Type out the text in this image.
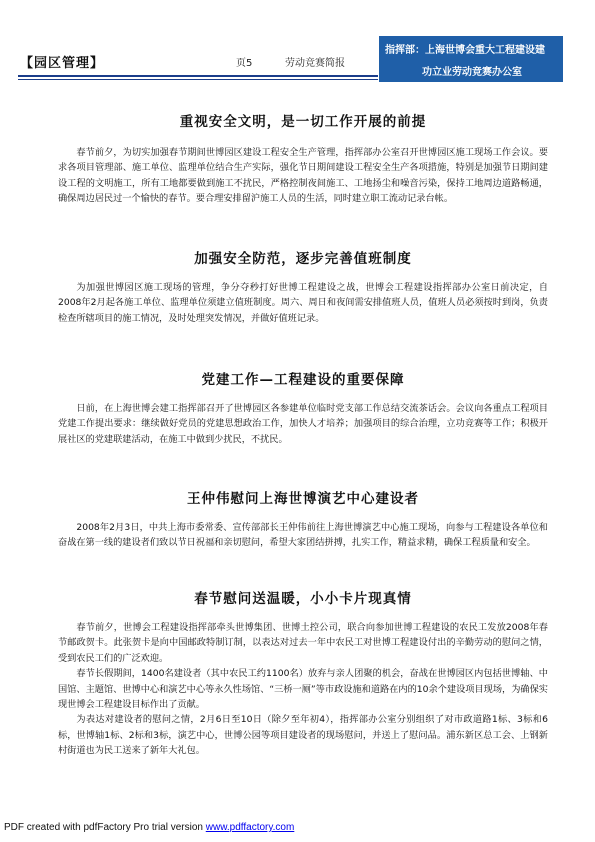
【园区管理】	页5	劳动竞赛简报
指挥部：上海世博会重大工程建设建
功立业劳动竞赛办公室
重视安全文明，是一切工作开展的前提

春节前夕，为切实加强春节期间世博园区建设工程安全生产管理，指挥部办公室召开世博园区施工现场工作会议。要求各项目管理部、施工单位、监理单位结合生产实际，强化节日期间建设工程安全生产各项措施，特别是加强节日期间建设工程的文明施工，所有工地都要做到施工不扰民，严格控制夜间施工、工地扬尘和噪音污染，保持工地周边道路畅通，确保周边居民过一个愉快的春节。要合理安排留沪施工人员的生活，同时建立职工流动记录台帐。

加强安全防范，逐步完善值班制度

为加强世博园区施工现场的管理，争分夺秒打好世博工程建设之战，世博会工程建设指挥部办公室日前决定，自2008年2月起各施工单位、监理单位须建立值班制度。周六、周日和夜间需安排值班人员，值班人员必须按时到岗，负责检查所辖项目的施工情况，及时处理突发情况，并做好值班记录。

党建工作—工程建设的重要保障

日前，在上海世博会建工指挥部召开了世博园区各参建单位临时党支部工作总结交流茶话会。会议向各重点工程项目党建工作提出要求：继续做好党员的党建思想政治工作，加快人才培养；加强项目的综合治理，立功竞赛等工作；积极开展社区的党建联建活动，在施工中做到少扰民，不扰民。

王仲伟慰问上海世博演艺中心建设者

2008年2月3日，中共上海市委常委、宣传部部长王仲伟前往上海世博演艺中心施工现场，向参与工程建设各单位和奋战在第一线的建设者们致以节日祝福和亲切慰问，希望大家团结拼搏，扎实工作，精益求精，确保工程质量和安全。

春节慰问送温暖，小小卡片现真情

春节前夕，世博会工程建设指挥部牵头世博集团、世博土控公司，联合向参加世博工程建设的农民工发放2008年春节邮政贺卡。此张贺卡是向中国邮政特制订制，以表达对过去一年中农民工对世博工程建设付出的辛勤劳动的慰问之情，受到农民工们的广泛欢迎。

春节长假期间，1400名建设者（其中农民工约1100名）放弃与亲人团聚的机会，奋战在世博园区内包括世博轴、中国馆、主题馆、世博中心和演艺中心等永久性场馆、“三桥一厕”等市政设施和道路在内的10余个建设项目现场，为确保实现世博会工程建设目标作出了贡献。

为表达对建设者的慰问之情，2月6日至10日（除夕至年初4），指挥部办公室分别组织了对市政道路1标、3标和6标，世博轴1标、2标和3标，演艺中心，世博公园等项目建设者的现场慰问，并送上了慰问品。浦东新区总工会、上钢新村街道也为民工送来了新年大礼包。

PDF created with pdfFactory Pro trial version www.pdffactory.com
